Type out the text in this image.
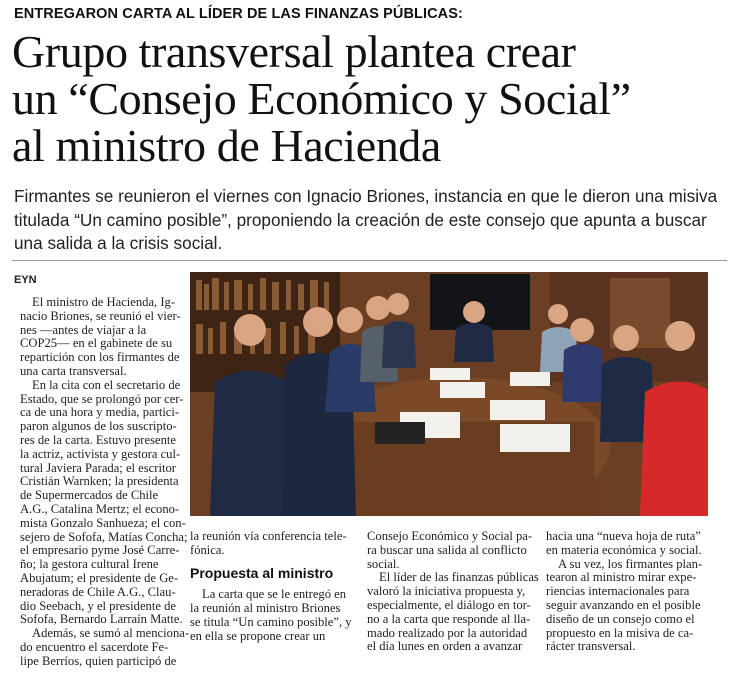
ENTREGARON CARTA AL LÍDER DE LAS FINANZAS PÚBLICAS:
Grupo transversal plantea crear
un “Consejo Económico y Social”
al ministro de Hacienda
Firmantes se reunieron el viernes con Ignacio Briones, instancia en que le dieron una misiva
titulada “Un camino posible”, proponiendo la creación de este consejo que apunta a buscar
una salida a la crisis social.
EYN
El ministro de Hacienda, Ig-
nacio Briones, se reunió el vier-
nes —antes de viajar a la
COP25— en el gabinete de su
repartición con los firmantes de
una carta transversal.
En la cita con el secretario de
Estado, que se prolongó por cer-
ca de una hora y media, partici-
paron algunos de los suscripto-
res de la carta. Estuvo presente
la actriz, activista y gestora cul-
tural Javiera Parada; el escritor
Cristián Warnken; la presidenta
de Supermercados de Chile
A.G., Catalina Mertz; el econo-
mista Gonzalo Sanhueza; el con-
sejero de Sofofa, Matías Concha;
el empresario pyme José Carre-
ño; la gestora cultural Irene
Abujatum; el presidente de Ge-
neradoras de Chile A.G., Clau-
dio Seebach, y el presidente de
Sofofa, Bernardo Larraín Matte.
Además, se sumó al menciona-
do encuentro el sacerdote Fe-
lipe Berríos, quien participó de
la reunión vía conferencia tele-
fónica.
Propuesta al ministro
La carta que se le entregó en
la reunión al ministro Briones
se titula “Un camino posible”, y
en ella se propone crear un
Consejo Económico y Social pa-
ra buscar una salida al conflicto
social.
El líder de las finanzas públicas
valoró la iniciativa propuesta y,
especialmente, el diálogo en tor-
no a la carta que responde al lla-
mado realizado por la autoridad
el día lunes en orden a avanzar
hacia una “nueva hoja de ruta”
en materia económica y social.
A su vez, los firmantes plan-
tearon al ministro mirar expe-
riencias internacionales para
seguir avanzando en el posible
diseño de un consejo como el
propuesto en la misiva de ca-
rácter transversal.
